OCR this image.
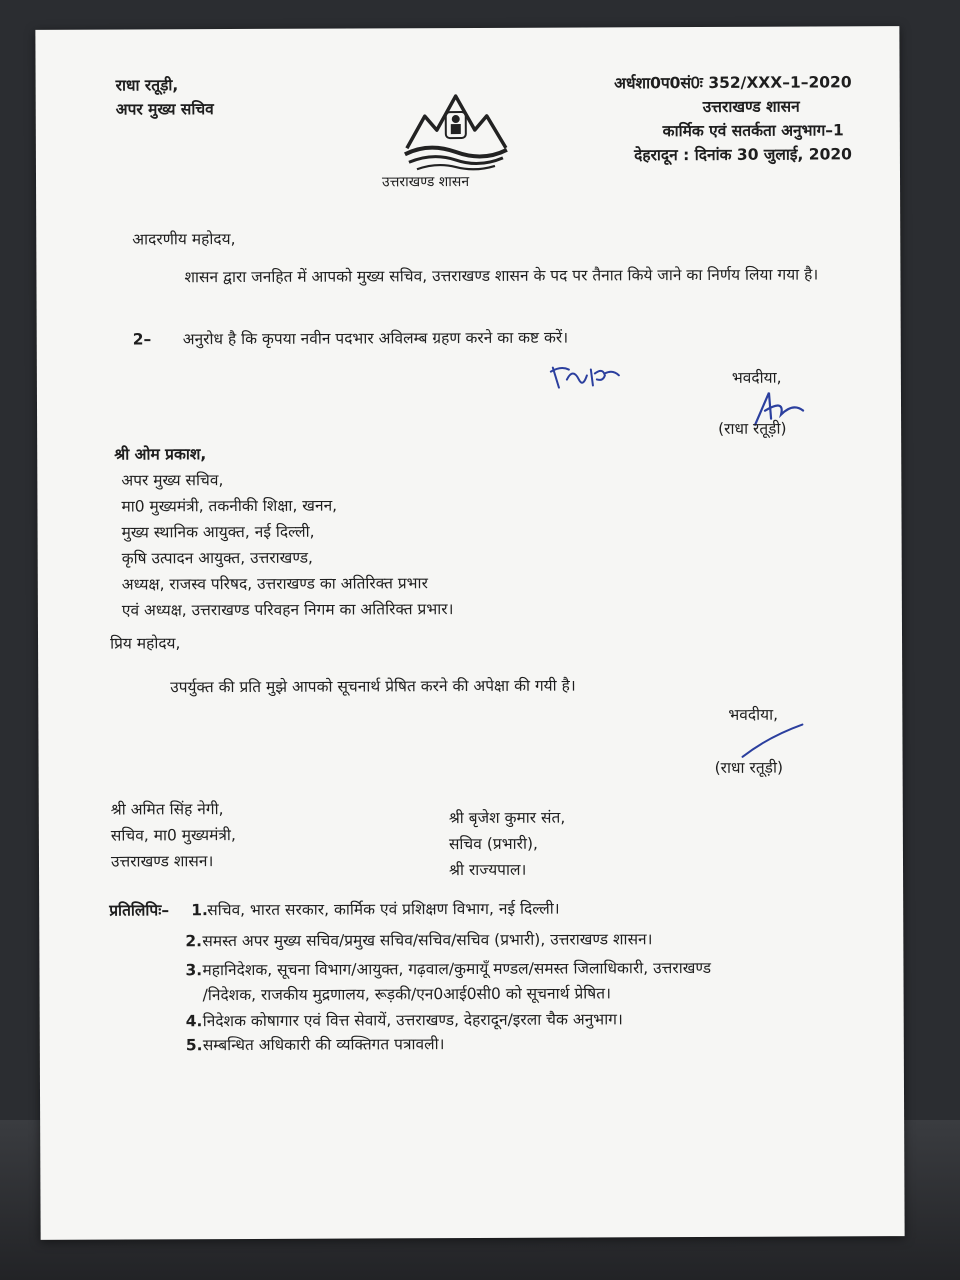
राधा रतूड़ी,
अपर मुख्य सचिव
उत्तराखण्ड शासन
अर्धशा0प0सं0ः 352/XXX–1–2020
उत्तराखण्ड शासन
कार्मिक एवं सतर्कता अनुभाग–1
देहरादून : दिनांक 30 जुलाई, 2020
आदरणीय महोदय,
शासन द्वारा जनहित में आपको मुख्य सचिव, उत्तराखण्ड शासन के पद पर तैनात किये जाने का निर्णय लिया गया है।
2– अनुरोध है कि कृपया नवीन पदभार अविलम्ब ग्रहण करने का कष्ट करें।
भवदीया,
(राधा रतूड़ी)
श्री ओम प्रकाश,
अपर मुख्य सचिव,
मा0 मुख्यमंत्री, तकनीकी शिक्षा, खनन,
मुख्य स्थानिक आयुक्त, नई दिल्ली,
कृषि उत्पादन आयुक्त, उत्तराखण्ड,
अध्यक्ष, राजस्व परिषद, उत्तराखण्ड का अतिरिक्त प्रभार
एवं अध्यक्ष, उत्तराखण्ड परिवहन निगम का अतिरिक्त प्रभार।
प्रिय महोदय,
उपर्युक्त की प्रति मुझे आपको सूचनार्थ प्रेषित करने की अपेक्षा की गयी है।
भवदीया,
(राधा रतूड़ी)
श्री अमित सिंह नेगी,
सचिव, मा0 मुख्यमंत्री,
उत्तराखण्ड शासन।
श्री बृजेश कुमार संत,
सचिव (प्रभारी),
श्री राज्यपाल।
प्रतिलिपिः– 1. सचिव, भारत सरकार, कार्मिक एवं प्रशिक्षण विभाग, नई दिल्ली।
2. समस्त अपर मुख्य सचिव/प्रमुख सचिव/सचिव/सचिव (प्रभारी), उत्तराखण्ड शासन।
3. महानिदेशक, सूचना विभाग/आयुक्त, गढ़वाल/कुमायूँ मण्डल/समस्त जिलाधिकारी, उत्तराखण्ड
/निदेशक, राजकीय मुद्रणालय, रूड़की/एन0आई0सी0 को सूचनार्थ प्रेषित।
4. निदेशक कोषागार एवं वित्त सेवायें, उत्तराखण्ड, देहरादून/इरला चैक अनुभाग।
5. सम्बन्धित अधिकारी की व्यक्तिगत पत्रावली।
